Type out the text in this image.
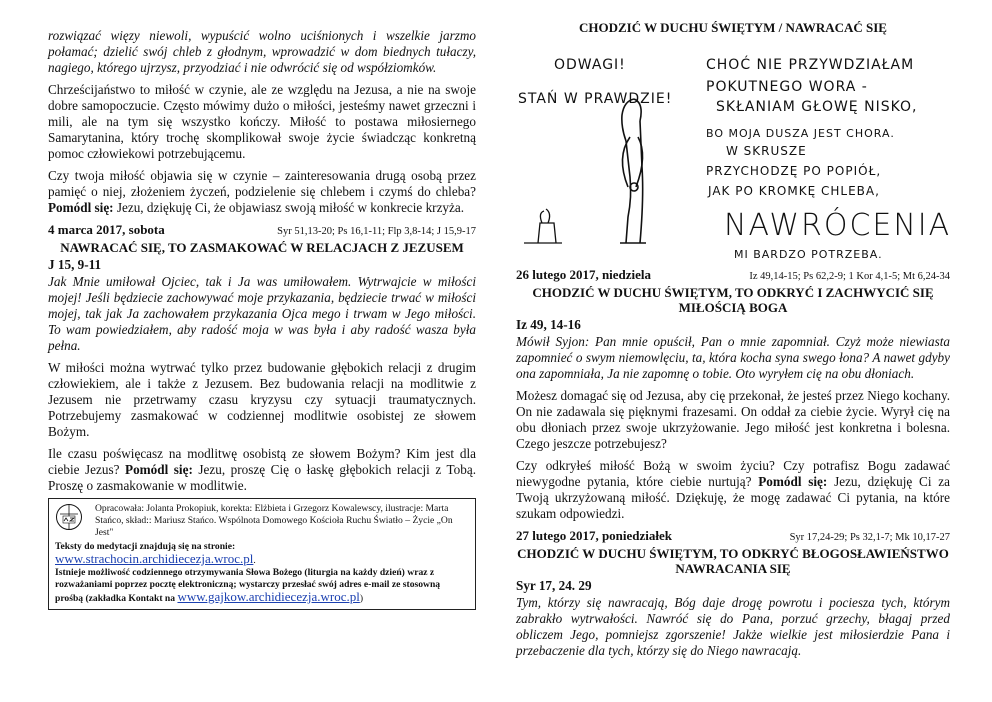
rozwiązać więzy niewoli, wypuścić wolno uciśnionych i wszelkie jarzmo połamać; dzielić swój chleb z głodnym, wprowadzić w dom biednych tułaczy, nagiego, którego ujrzysz, przyodziać i nie odwrócić się od współziomków.

Chrześcijaństwo to miłość w czynie, ale ze względu na Jezusa, a nie na swoje dobre samopoczucie. Często mówimy dużo o miłości, jesteśmy nawet grzeczni i mili, ale na tym się wszystko kończy. Miłość to postawa miłosiernego Samarytanina, który trochę skomplikował swoje życie świadcząc konkretną pomoc człowiekowi potrzebującemu.

Czy twoja miłość objawia się w czynie – zainteresowania drugą osobą przez pamięć o niej, złożeniem życzeń, podzielenie się chlebem i czymś do chleba? Pomódl się: Jezu, dziękuję Ci, że objawiasz swoją miłość w konkrecie krzyża.

4 marca 2017, sobota	Syr 51,13-20; Ps 16,1-11; Flp 3,8-14; J 15,9-17
NAWRACAĆ SIĘ, TO ZASMAKOWAĆ W RELACJACH Z JEZUSEM
J 15, 9-11

Jak Mnie umiłował Ojciec, tak i Ja was umiłowałem. Wytrwajcie w miłości mojej! Jeśli będziecie zachowywać moje przykazania, będziecie trwać w miłości mojej, tak jak Ja zachowałem przykazania Ojca mego i trwam w Jego miłości. To wam powiedziałem, aby radość moja w was była i aby radość wasza była pełna.

W miłości można wytrwać tylko przez budowanie głębokich relacji z drugim człowiekiem, ale i także z Jezusem. Bez budowania relacji na modlitwie z Jezusem nie przetrwamy czasu kryzysu czy sytuacji traumatycznych. Potrzebujemy zasmakować w codziennej modlitwie osobistej ze słowem Bożym.

Ile czasu poświęcasz na modlitwę osobistą ze słowem Bożym? Kim jest dla ciebie Jezus? Pomódl się: Jezu, proszę Cię o łaskę głębokich relacji z Tobą. Proszę o zasmakowanie w modlitwie.

Opracowała: Jolanta Prokopiuk, korekta: Elżbieta i Grzegorz Kowalewscy, ilustracje: Marta Stańco, skład:: Mariusz Stańco. Wspólnota Domowego Kościoła Ruchu Światło – Życie „On Jest"
Teksty do medytacji znajdują się na stronie:
www.strachocin.archidiecezja.wroc.pl.
Istnieje możliwość codziennego otrzymywania Słowa Bożego (liturgia na każdy dzień) wraz z rozważaniami poprzez pocztę elektroniczną; wystarczy przesłać swój adres e-mail ze stosowną prośbą (zakładka Kontakt na www.gajkow.archidiecezja.wroc.pl)
CHODZIĆ W DUCHU ŚWIĘTYM / NAWRACAĆ SIĘ
ODWAGI!
STAŃ W PRAWDZIE!
CHOĆ NIE PRZYWDZIAŁAM
POKUTNEGO WORA -
SKŁANIAM GŁOWĘ NISKO,
BO MOJA DUSZA JEST CHORA.
W SKRUSZE
PRZYCHODZĘ PO POPIÓŁ,
JAK PO KROMKĘ CHLEBA,
NAWRÓCENIA
MI BARDZO POTRZEBA.
26 lutego 2017, niedziela	Iz 49,14-15; Ps 62,2-9; 1 Kor 4,1-5; Mt 6,24-34
CHODZIĆ W DUCHU ŚWIĘTYM, TO ODKRYĆ I ZACHWYCIĆ SIĘ MIŁOŚCIĄ BOGA
Iz 49, 14-16

Mówił Syjon: Pan mnie opuścił, Pan o mnie zapomniał. Czyż może niewiasta zapomnieć o swym niemowlęciu, ta, która kocha syna swego łona? A nawet gdyby ona zapomniała, Ja nie zapomnę o tobie. Oto wyryłem cię na obu dłoniach.

Możesz domagać się od Jezusa, aby cię przekonał, że jesteś przez Niego kochany. On nie zadawala się pięknymi frazesami. On oddał za ciebie życie. Wyrył cię na obu dłoniach przez swoje ukrzyżowanie. Jego miłość jest konkretna i bolesna. Czego jeszcze potrzebujesz?

Czy odkryłeś miłość Bożą w swoim życiu? Czy potrafisz Bogu zadawać niewygodne pytania, które ciebie nurtują? Pomódl się: Jezu, dziękuję Ci za Twoją ukrzyżowaną miłość. Dziękuję, że mogę zadawać Ci pytania, na które szukam odpowiedzi.

27 lutego 2017, poniedziałek	Syr 17,24-29; Ps 32,1-7; Mk 10,17-27
CHODZIĆ W DUCHU ŚWIĘTYM, TO ODKRYĆ BŁOGOSŁAWIEŃSTWO NAWRACANIA SIĘ
Syr 17, 24. 29

Tym, którzy się nawracają, Bóg daje drogę powrotu i pociesza tych, którym zabrakło wytrwałości. Nawróć się do Pana, porzuć grzechy, błagaj przed obliczem Jego, pomniejsz zgorszenie! Jakże wielkie jest miłosierdzie Pana i przebaczenie dla tych, którzy się do Niego nawracają.
